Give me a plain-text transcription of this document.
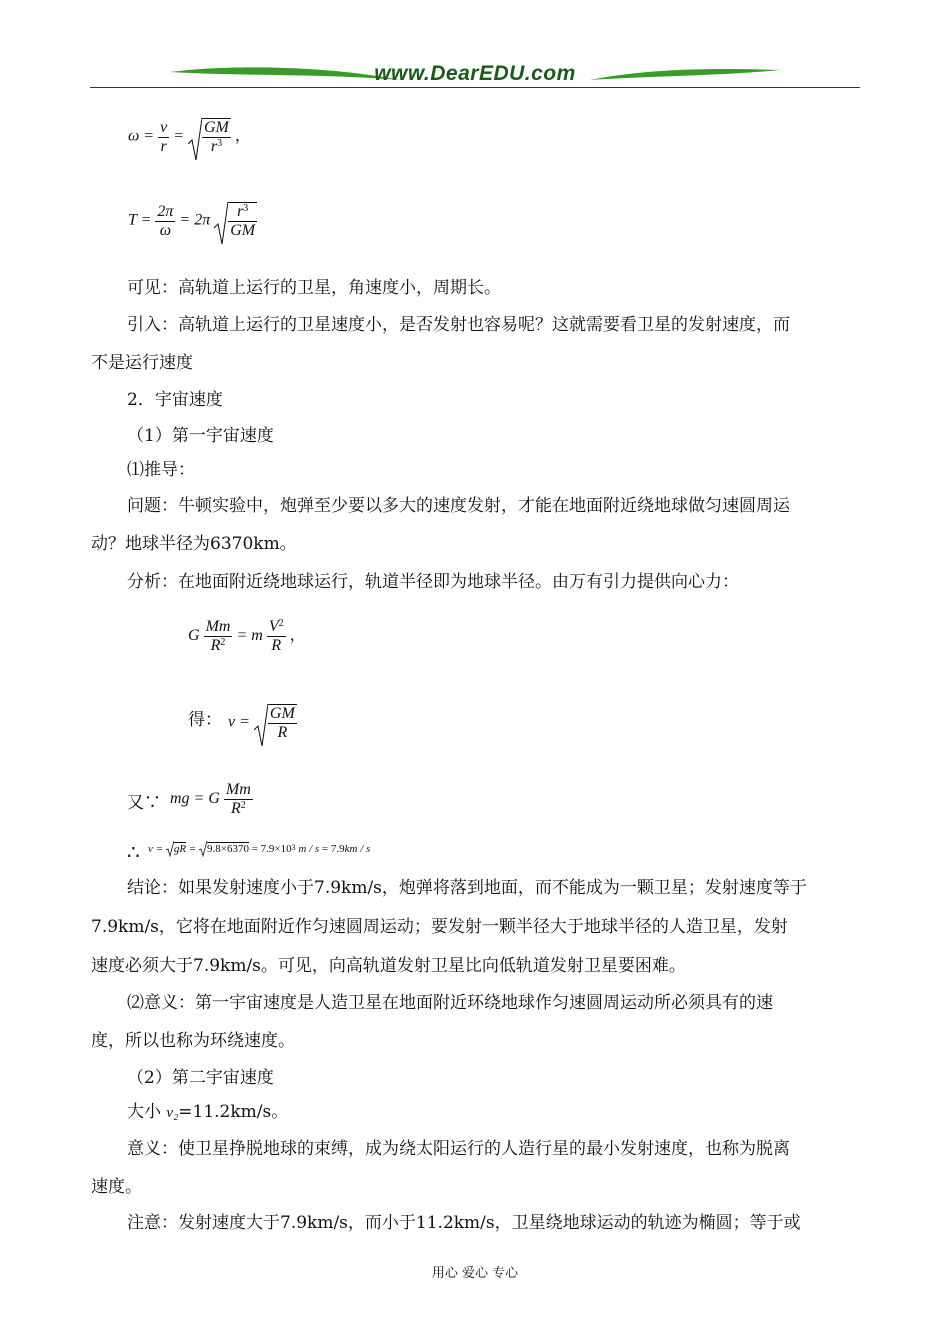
www.DearEDU.com
$\omega = \frac{v}{r} = \frac{GM}{r^3}$ ，
$T = \frac{2\pi}{\omega} = 2\pi \frac{r^3}{GM}$
可见：高轨道上运行的卫星，角速度小，周期长。
引入：高轨道上运行的卫星速度小，是否发射也容易呢？这就需要看卫星的发射速度，而
不是运行速度
2．宇宙速度
（1）第一宇宙速度
⑴推导：
问题：牛顿实验中，炮弹至少要以多大的速度发射，才能在地面附近绕地球做匀速圆周运
动？地球半径为6370km。
分析：在地面附近绕地球运行，轨道半径即为地球半径。由万有引力提供向心力：
G $\frac{Mm}{R^2} = m \frac{V^2}{R}$ ，
得： $v = \frac{GM}{R}$
又∵ mg = G $\frac{Mm}{R^2}$
∴ v = gR = $9.8\times 6370 = 7.9\times 10^3$ m / s = 7.9km / s
结论：如果发射速度小于7.9km/s，炮弹将落到地面，而不能成为一颗卫星；发射速度等于
7.9km/s，它将在地面附近作匀速圆周运动；要发射一颗半径大于地球半径的人造卫星，发射
速度必须大于7.9km/s。可见，向高轨道发射卫星比向低轨道发射卫星要困难。
⑵意义：第一宇宙速度是人造卫星在地面附近环绕地球作匀速圆周运动所必须具有的速
度，所以也称为环绕速度。
（2）第二宇宙速度
大小 v₂=11.2km/s。
意义：使卫星挣脱地球的束缚，成为绕太阳运行的人造行星的最小发射速度，也称为脱离
速度。
注意：发射速度大于7.9km/s，而小于11.2km/s，卫星绕地球运动的轨迹为椭圆；等于或
用心 爱心 专心
